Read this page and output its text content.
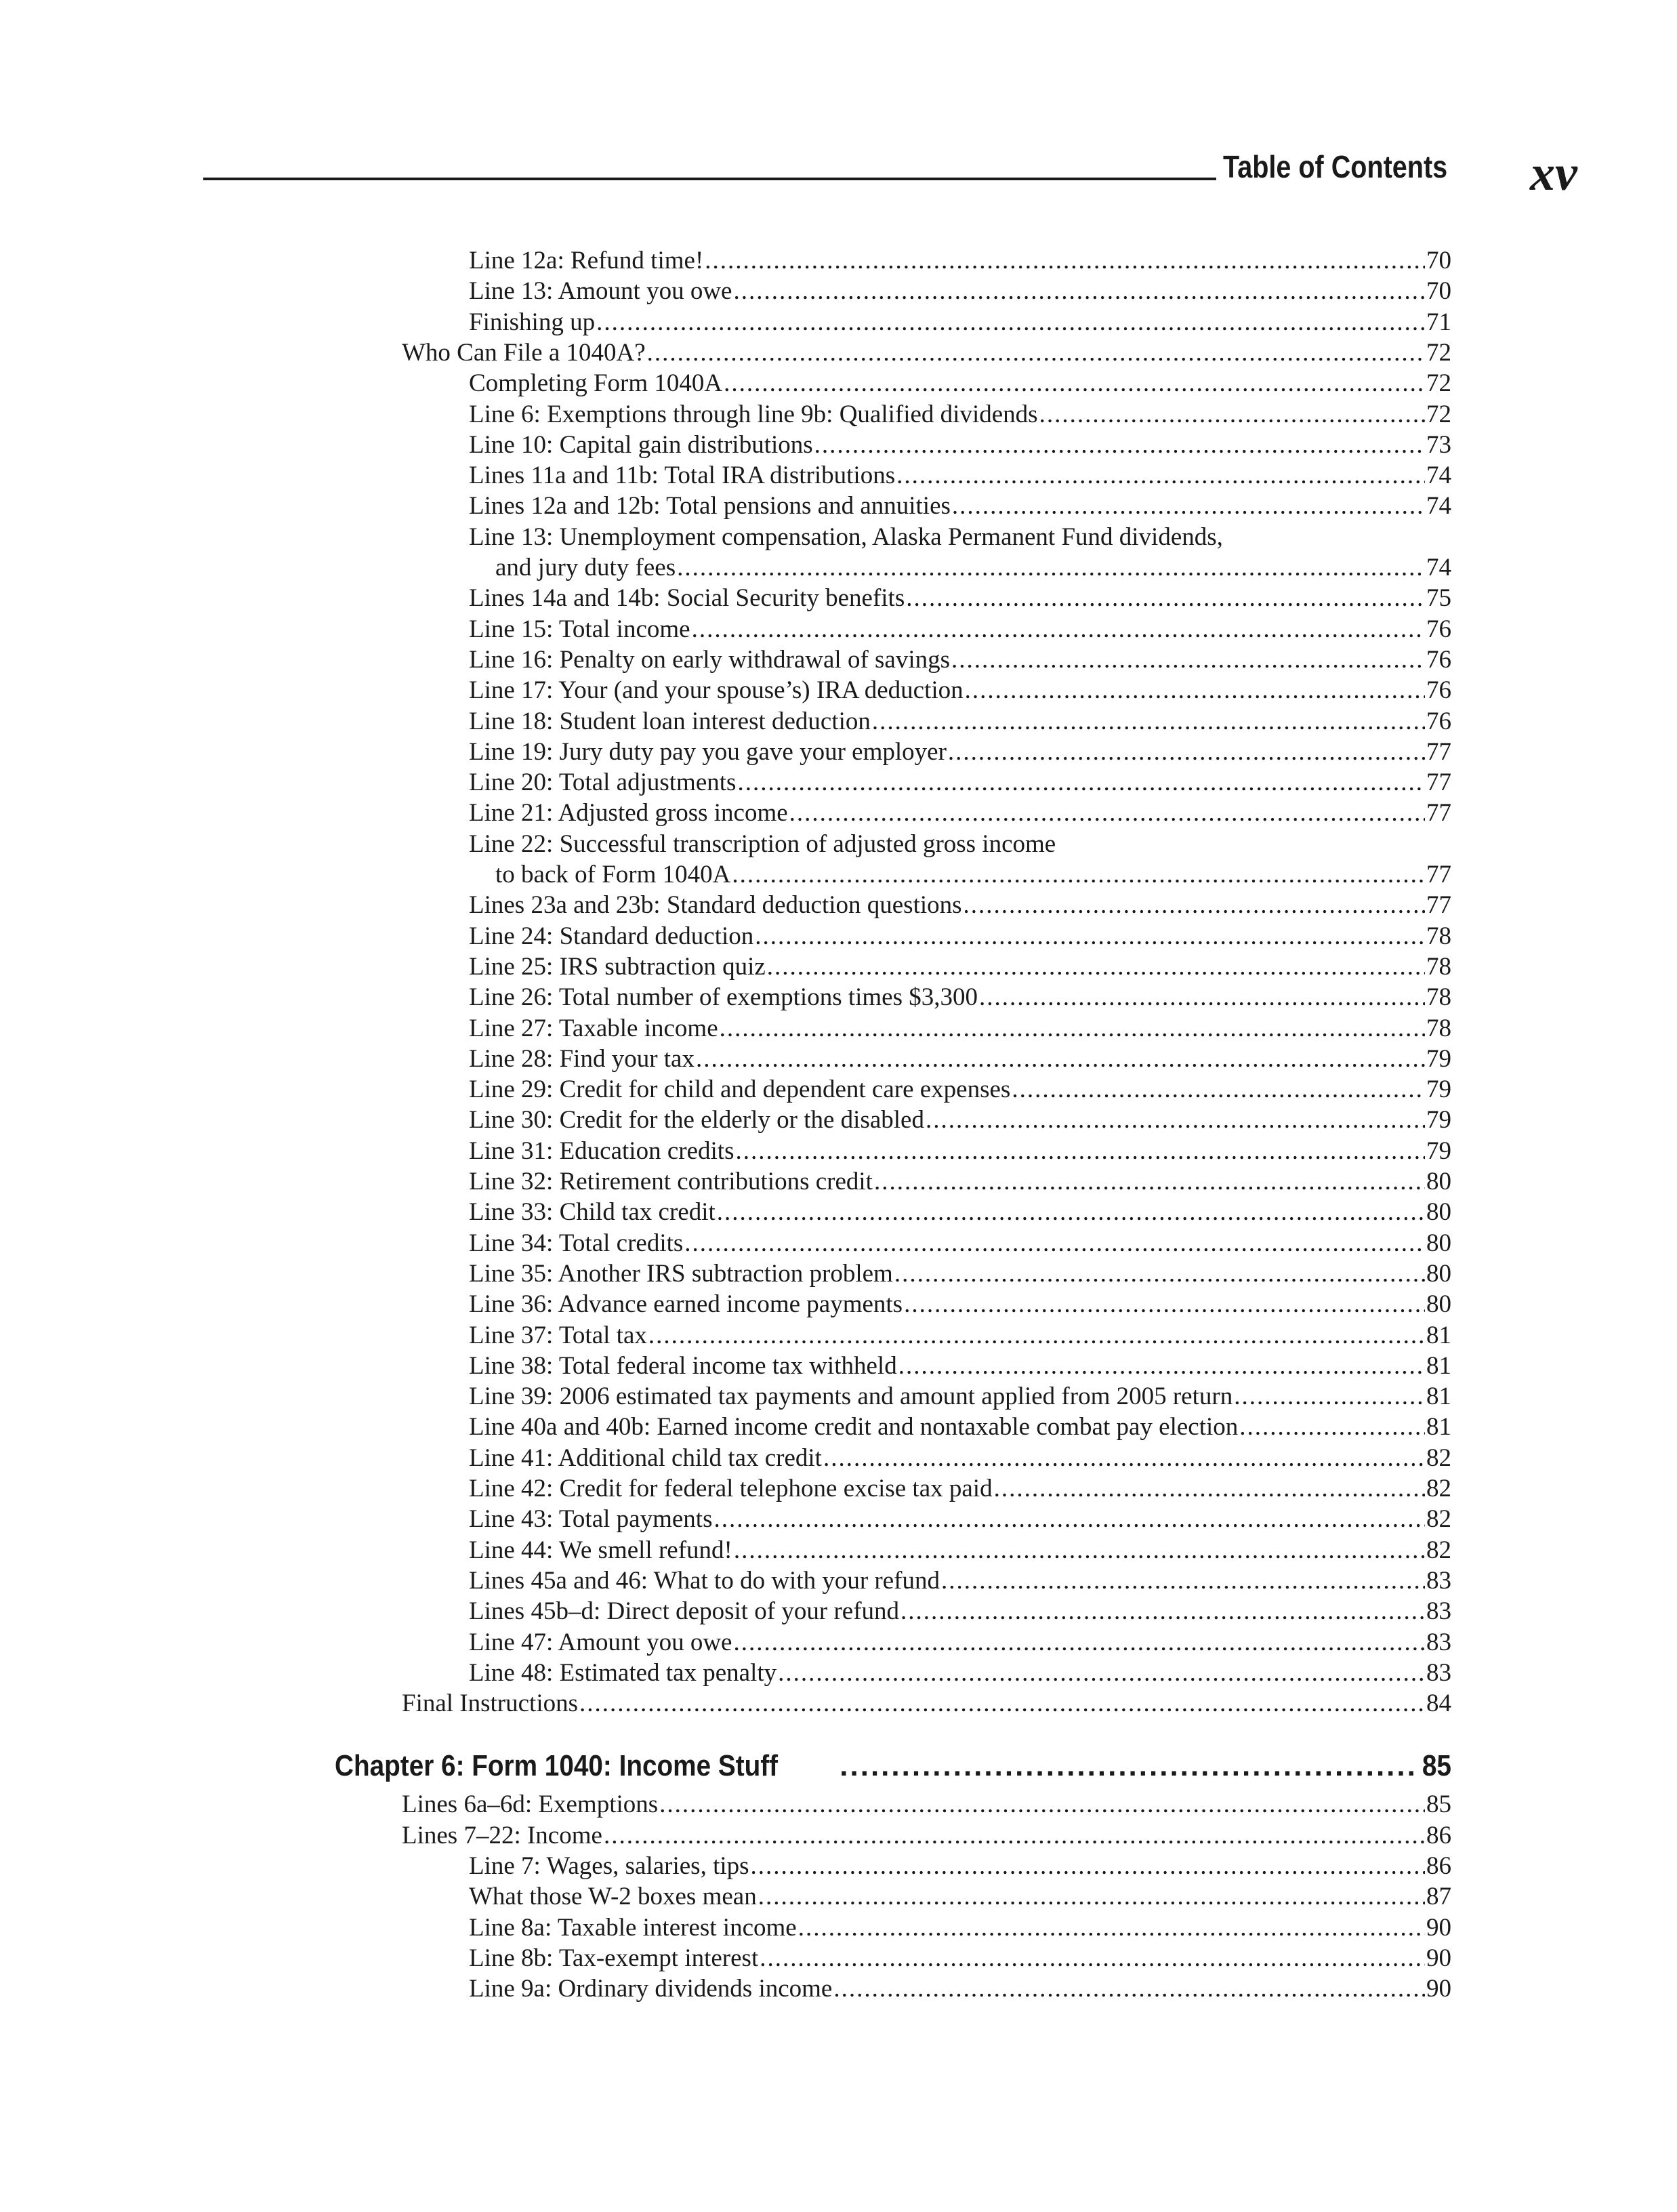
Table of Contents xv
Line 12a: Refund time! .....	70
Line 13: Amount you owe .....	70
Finishing up .....	71
Who Can File a 1040A? .....	72
Completing Form 1040A .....	72
Line 6: Exemptions through line 9b: Qualified dividends .....	72
Line 10: Capital gain distributions .....	73
Lines 11a and 11b: Total IRA distributions .....	74
Lines 12a and 12b: Total pensions and annuities .....	74
Line 13: Unemployment compensation, Alaska Permanent Fund dividends,
and jury duty fees .....	74
Lines 14a and 14b: Social Security benefits .....	75
Line 15: Total income .....	76
Line 16: Penalty on early withdrawal of savings .....	76
Line 17: Your (and your spouse’s) IRA deduction .....	76
Line 18: Student loan interest deduction .....	76
Line 19: Jury duty pay you gave your employer .....	77
Line 20: Total adjustments .....	77
Line 21: Adjusted gross income .....	77
Line 22: Successful transcription of adjusted gross income
to back of Form 1040A .....	77
Lines 23a and 23b: Standard deduction questions .....	77
Line 24: Standard deduction .....	78
Line 25: IRS subtraction quiz .....	78
Line 26: Total number of exemptions times $3,300 .....	78
Line 27: Taxable income .....	78
Line 28: Find your tax .....	79
Line 29: Credit for child and dependent care expenses .....	79
Line 30: Credit for the elderly or the disabled .....	79
Line 31: Education credits .....	79
Line 32: Retirement contributions credit .....	80
Line 33: Child tax credit .....	80
Line 34: Total credits .....	80
Line 35: Another IRS subtraction problem .....	80
Line 36: Advance earned income payments .....	80
Line 37: Total tax .....	81
Line 38: Total federal income tax withheld .....	81
Line 39: 2006 estimated tax payments and amount applied from 2005 return .....	81
Line 40a and 40b: Earned income credit and nontaxable combat pay election .....	81
Line 41: Additional child tax credit .....	82
Line 42: Credit for federal telephone excise tax paid .....	82
Line 43: Total payments .....	82
Line 44: We smell refund! .....	82
Lines 45a and 46: What to do with your refund .....	83
Lines 45b–d: Direct deposit of your refund .....	83
Line 47: Amount you owe .....	83
Line 48: Estimated tax penalty .....	83
Final Instructions .....	84
Chapter 6: Form 1040: Income Stuff .....	85
Lines 6a–6d: Exemptions .....	85
Lines 7–22: Income .....	86
Line 7: Wages, salaries, tips .....	86
What those W-2 boxes mean .....	87
Line 8a: Taxable interest income .....	90
Line 8b: Tax-exempt interest .....	90
Line 9a: Ordinary dividends income .....	90
